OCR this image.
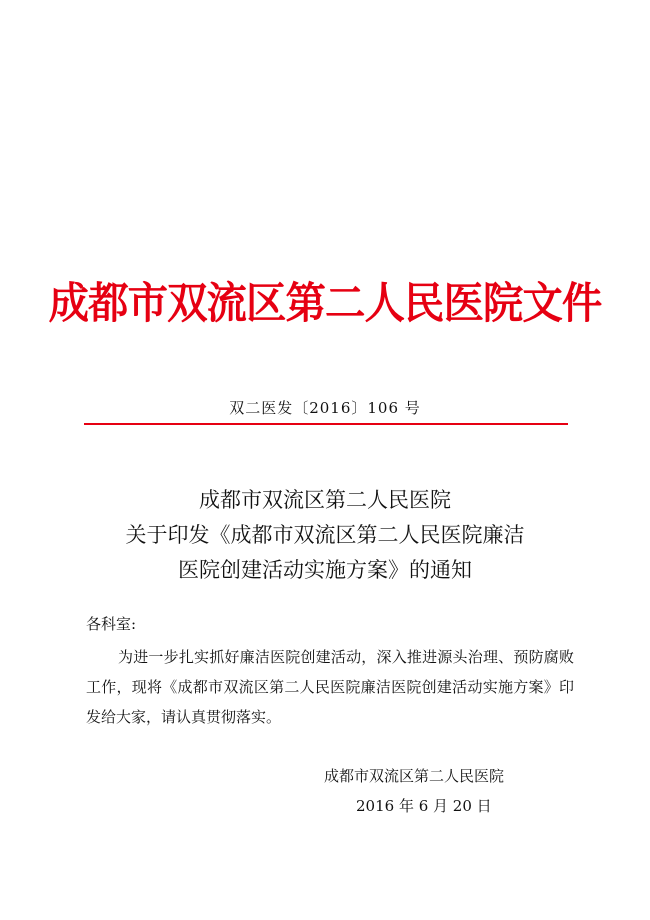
成都市双流区第二人民医院文件
双二医发〔2016〕106 号
成都市双流区第二人民医院
关于印发《成都市双流区第二人民医院廉洁
医院创建活动实施方案》的通知
各科室:
为进一步扎实抓好廉洁医院创建活动，深入推进源头治理、预防腐败工作，现将《成都市双流区第二人民医院廉洁医院创建活动实施方案》印发给大家，请认真贯彻落实。
成都市双流区第二人民医院
2016 年 6 月 20 日
